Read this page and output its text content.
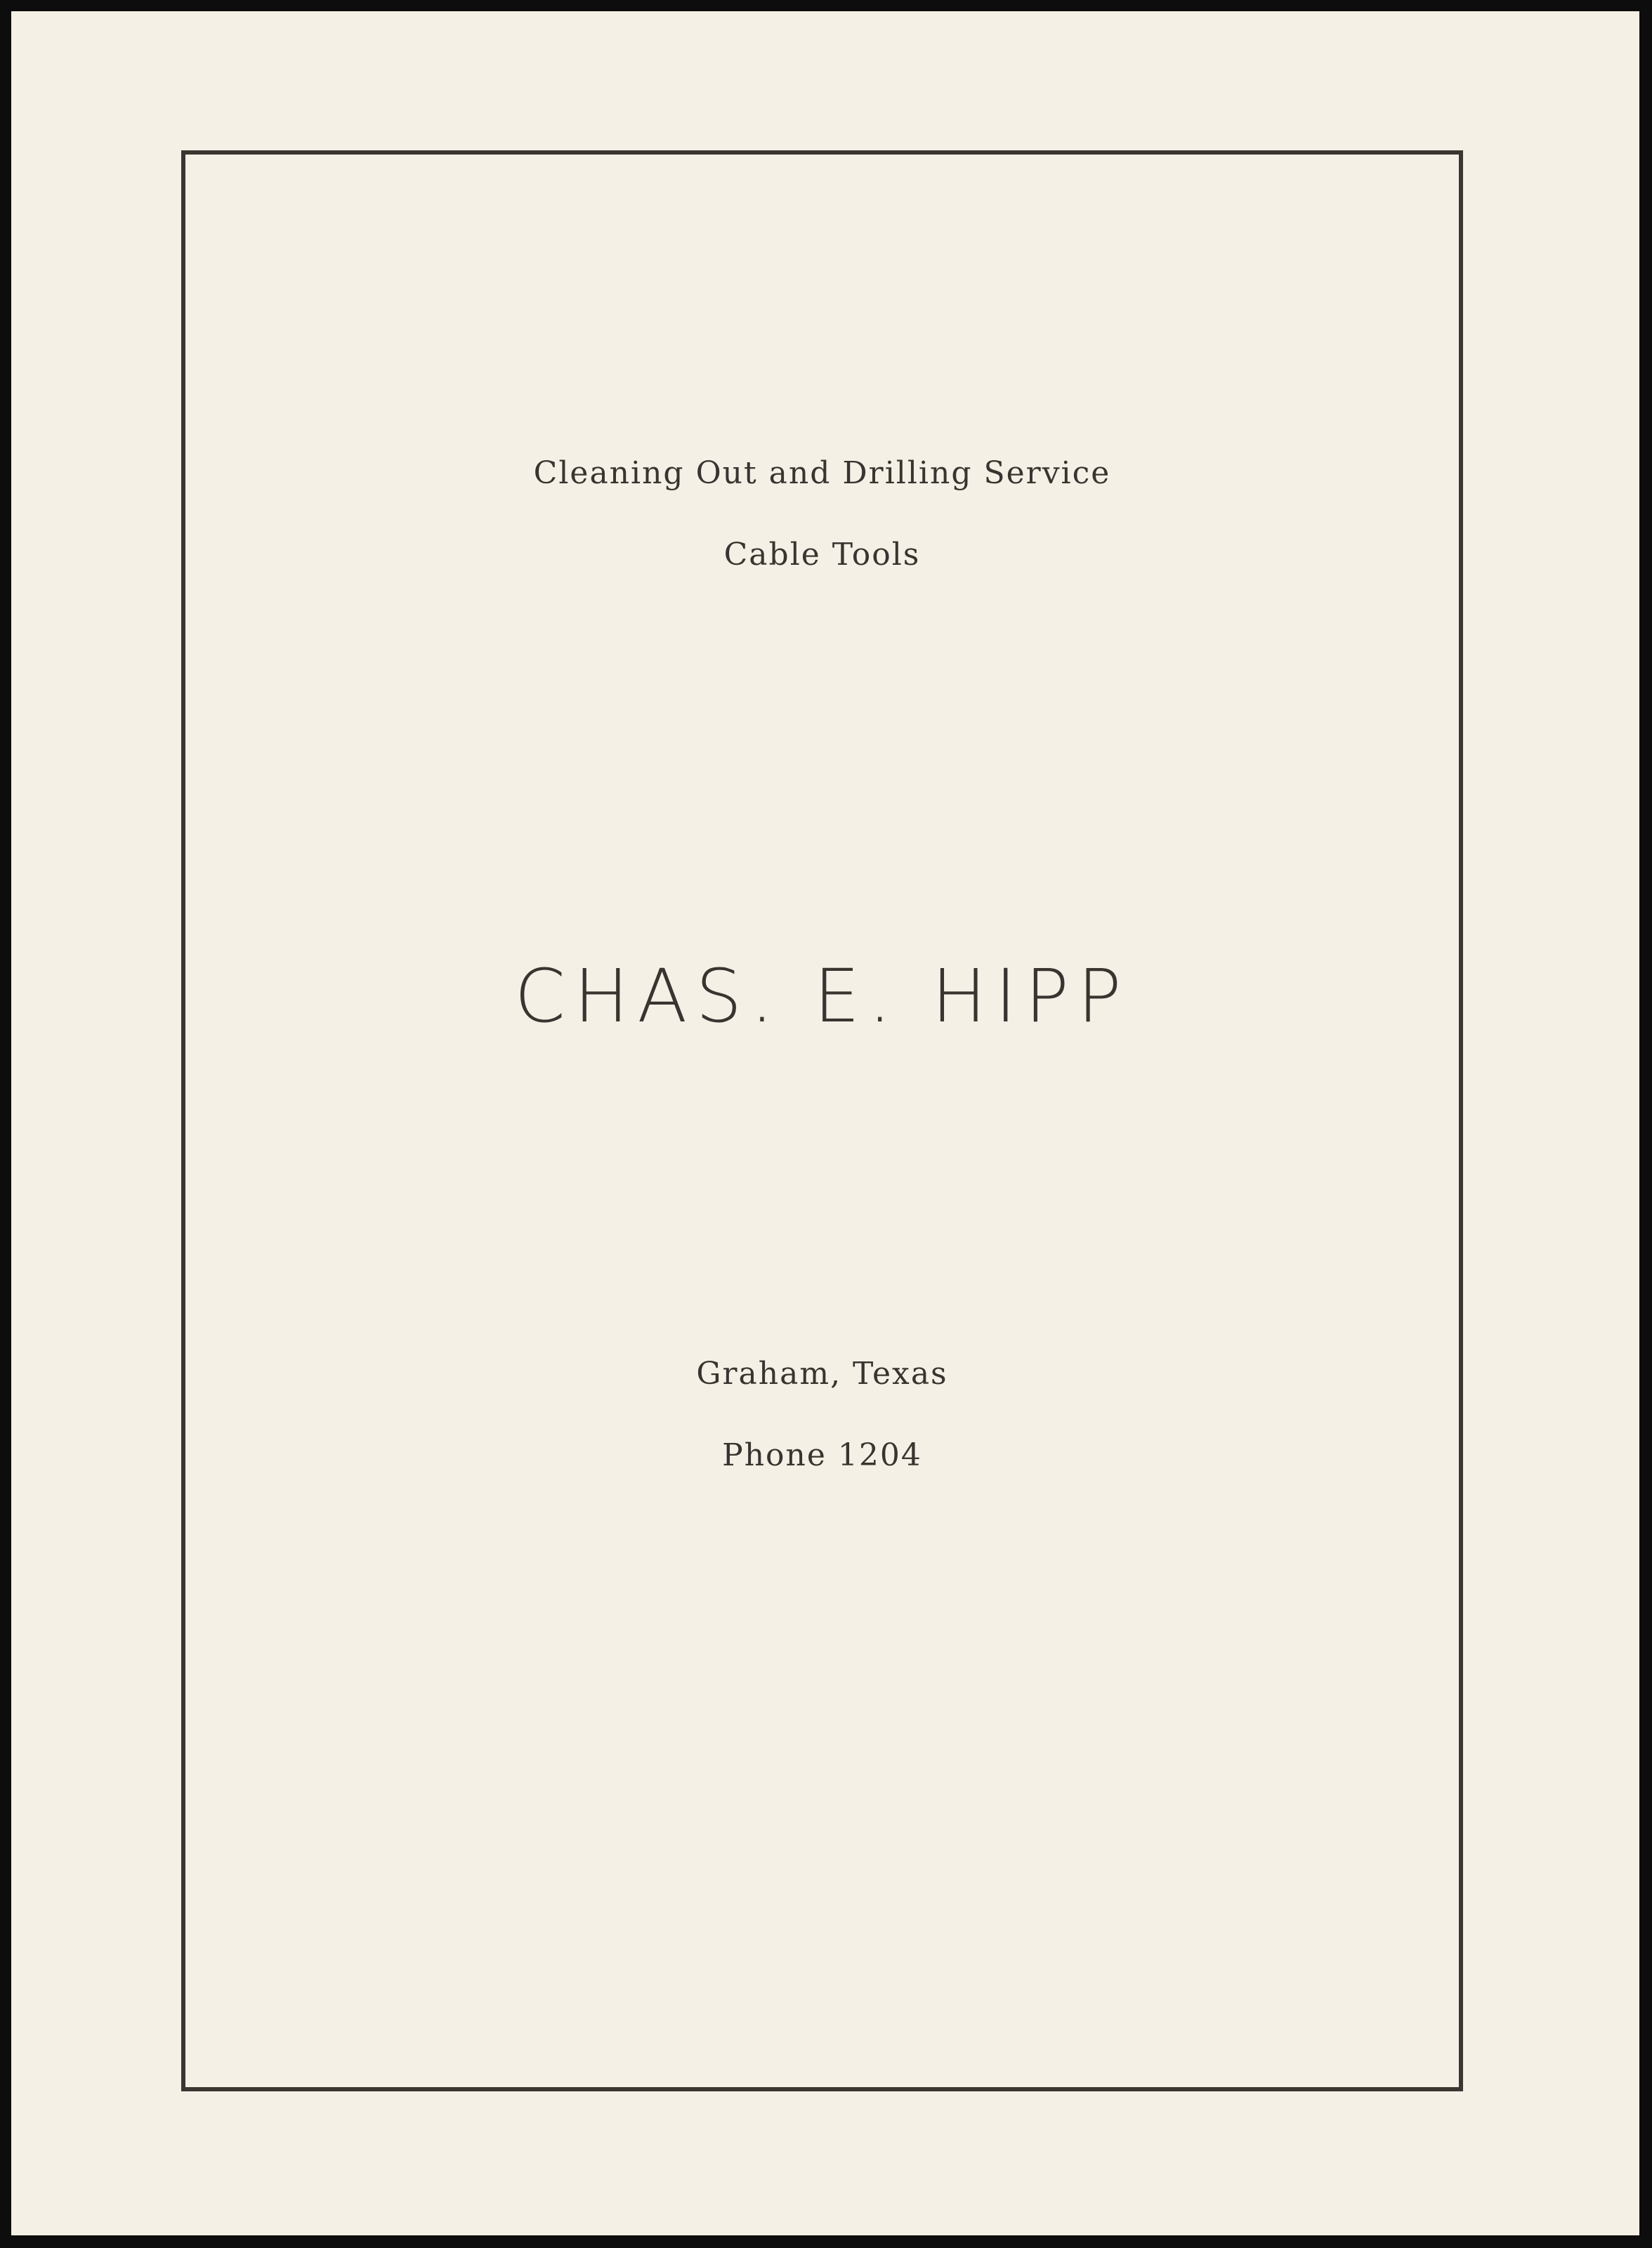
Cleaning Out and Drilling Service

Cable Tools

CHAS. E. HIPP

Graham, Texas

Phone 1204
